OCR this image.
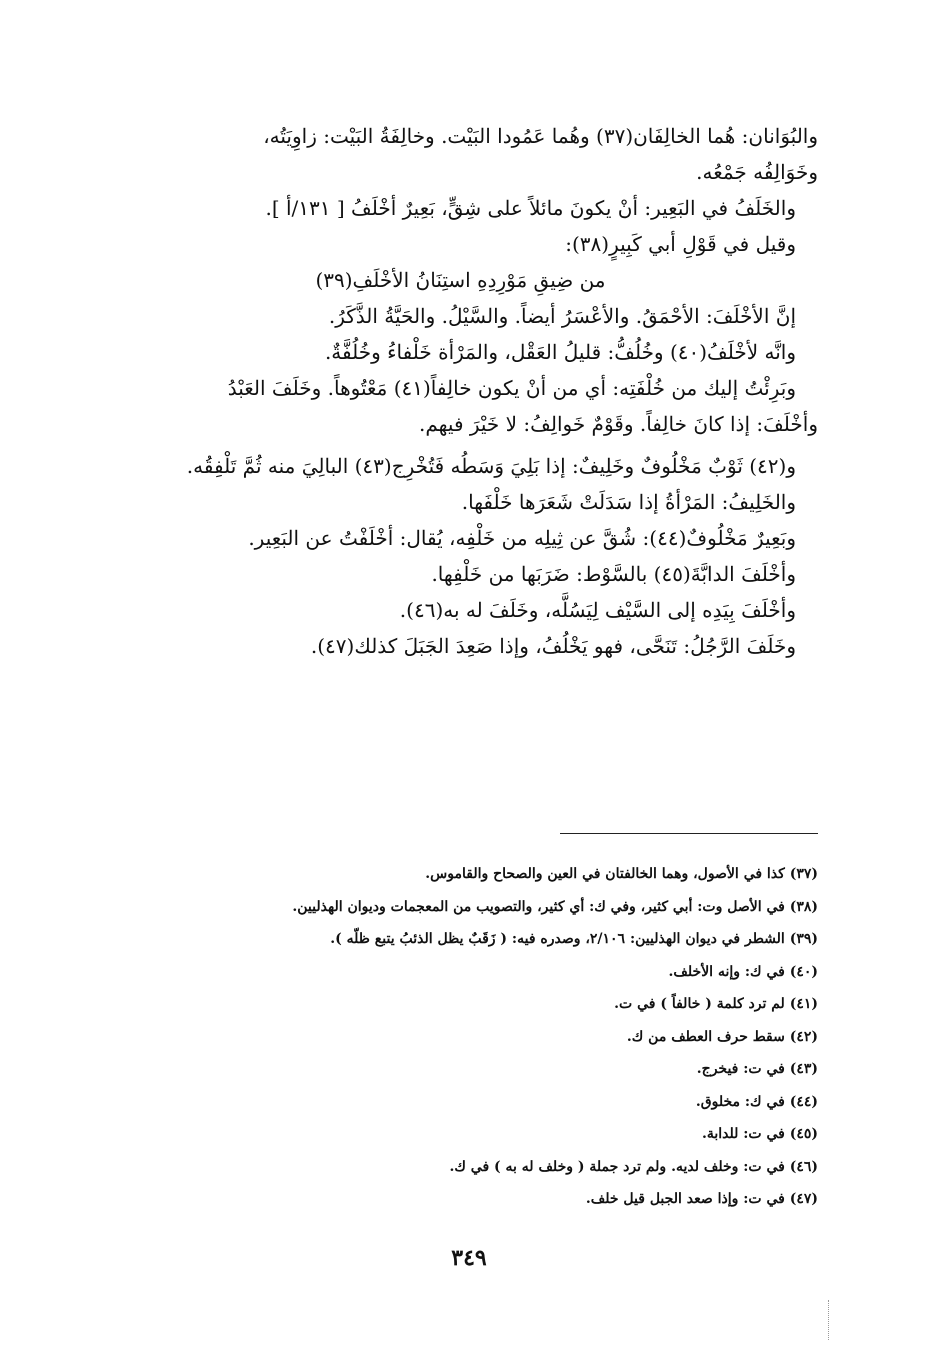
والبُوَانان: هُما الخالِفَان(٣٧) وهُما عَمُودا البَيْت. وخالِفَةُ البَيْت: زاوِيَتُه،
وخَوَالِفُه جَمْعُه.
والخَلَفُ في البَعِير: أنْ يكونَ مائلاً على شِقٍّ، بَعِيرٌ أخْلَفُ [ ١٣١/أ ].
وقيل في قَوْلِ أبي كَبِيرٍ(٣٨):
من ضِيقِ مَوْرِدِهِ استِنَانُ الأخْلَفِ(٣٩)
إنَّ الأخْلَفَ: الأحْمَقُ. والأعْسَرُ أيضاً. والسَّيْلُ. والحَيَّةُ الذَّكَرُ.
وانَّه لأخْلَفُ(٤٠) وخُلُفُّ: قليلُ العَقْل، والمَرْأة خَلْفاءُ وخُلُفَّةٌ.
وبَرِئْتُ إليك من خُلْفَتِه: أي من أنْ يكون خالِفاً(٤١) مَعْتُوهاً. وخَلَفَ العَبْدُ
وأخْلَفَ: إذا كانَ خالِفاً. وقَوْمٌ خَوالِفُ: لا خَيْرَ فيهم.
و(٤٢) ثَوْبٌ مَخْلُوفٌ وخَلِيفٌ: إذا بَلِيَ وَسَطُه فَتُخْرِج(٤٣) البالِيَ منه ثُمَّ تَلْفِقُه.
والخَلِيفُ: المَرْأةُ إذا سَدَلَتْ شَعَرَها خَلْفَها.
وبَعِيرٌ مَخْلُوفٌ(٤٤): شُقَّ عن ثِيلِه من خَلْفِه، يُقال: أخْلَفْتُ عن البَعِير.
وأخْلَفَ الدابَّةَ(٤٥) بالسَّوْط: ضَرَبَها من خَلْفِها.
وأخْلَفَ بِيَدِه إلى السَّيْف لِيَسُلَّه، وخَلَفَ له به(٤٦).
وخَلَفَ الرَّجُلُ: تَنَحَّى، فهو يَخْلُفُ، وإذا صَعِدَ الجَبَلَ كذلك(٤٧).
(٣٧) كذا في الأصول، وهما الخالفتان في العين والصحاح والقاموس.
(٣٨) في الأصل وت: أبي كثير، وفي ك: أي كثير، والتصويب من المعجمات وديوان الهذليين.
(٣٩) الشطر في ديوان الهذليين: ٢/١٠٦، وصدره فيه: ( زَقَبٌ يظل الذئبُ يتبع ظلّه ).
(٤٠) في ك: وإنه الأخلف.
(٤١) لم ترد كلمة ( خالفاً ) في ت.
(٤٢) سقط حرف العطف من ك.
(٤٣) في ت: فيخرج.
(٤٤) في ك: مخلوق.
(٤٥) في ت: للدابة.
(٤٦) في ت: وخلف لديه. ولم ترد جملة ( وخلف له به ) في ك.
(٤٧) في ت: وإذا صعد الجبل قيل خلف.
٣٤٩
